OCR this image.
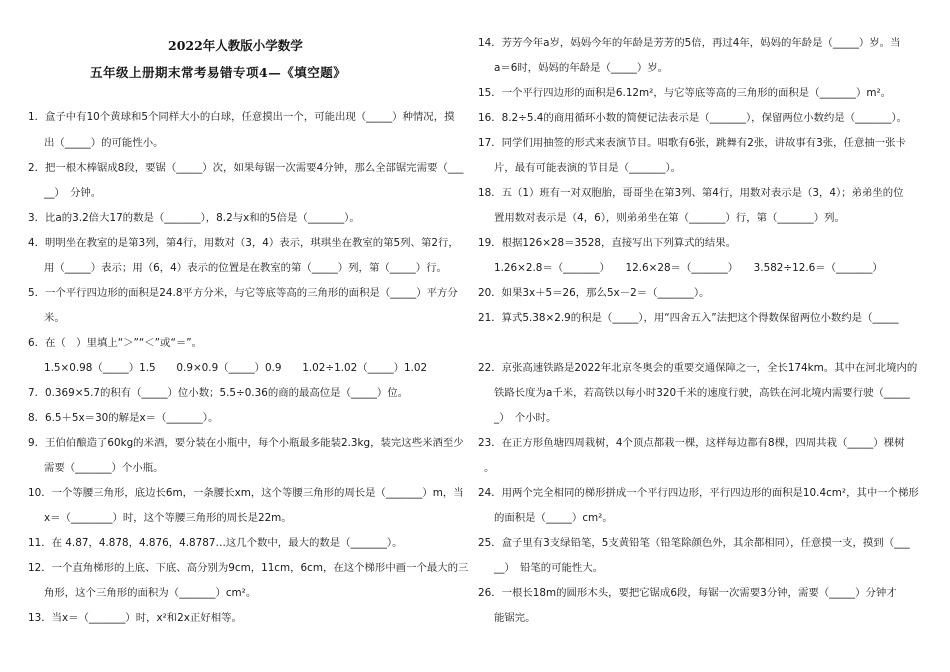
2022年人教版小学数学
五年级上册期末常考易错专项4—《填空题》
1．盒子中有10个黄球和5个同样大小的白球，任意摸出一个，可能出现（_____）种情况，摸
出（_____）的可能性小。
2．把一根木棒锯成8段，要锯（_____）次，如果每锯一次需要4分钟，那么全部锯完需要（___
__）　分钟。
3．比a的3.2倍大17的数是（_______），8.2与x和的5倍是（_______）。
4．明明坐在教室的是第3列，第4行，用数对（3，4）表示，琪琪坐在教室的第5列、第2行，
用（_____）表示；用（6，4）表示的位置是在教室的第（_____）列，第（_____）行。
5．一个平行四边形的面积是24.8平方分米，与它等底等高的三角形的面积是（_____）平方分
米。
6．在（　）里填上“＞”“＜”或“＝”。
1.5×0.98（_____）1.5　　0.9×0.9（_____）0.9　　1.02÷1.02（_____）1.02
7．0.369×5.7的积有（_____）位小数；5.5÷0.36的商的最高位是（_____）位。
8．6.5＋5x＝30的解是x＝（_______）。
9．王伯伯酿造了60kg的米酒，要分装在小瓶中，每个小瓶最多能装2.3kg，装完这些米酒至少
需要（_______）个小瓶。
10．一个等腰三角形，底边长6m，一条腰长xm，这个等腰三角形的周长是（_______）m，当
x＝（________）时，这个等腰三角形的周长是22m。
11．在 4.8̇7̇，4.8̇7̇8̇，4.876，4.8787…这几个数中，最大的数是（_______）。
12．一个直角梯形的上底、下底、高分别为9cm，11cm，6cm，在这个梯形中画一个最大的三
角形，这个三角形的面积为（_______）cm²。
13．当x＝（_______）时，x²和2x正好相等。
14．芳芳今年a岁，妈妈今年的年龄是芳芳的5倍，再过4年，妈妈的年龄是（_____）岁。当
a＝6时，妈妈的年龄是（_____）岁。
15．一个平行四边形的面积是6.12m²，与它等底等高的三角形的面积是（_______）m²。
16．8.2÷5.4的商用循环小数的简便记法表示是（_______），保留两位小数约是（_______）。
17．同学们用抽签的形式来表演节目。唱歌有6张，跳舞有2张，讲故事有3张，任意抽一张卡
片，最有可能表演的节目是（_______）。
18．五（1）班有一对双胞胎，哥哥坐在第3列、第4行，用数对表示是（3，4）；弟弟坐的位
置用数对表示是（4，6），则弟弟坐在第（_______）行，第（_______）列。
19．根据126×28＝3528，直接写出下列算式的结果。
1.26×2.8＝（_______）　　12.6×28＝（_______）　　3.582÷12.6＝（_______）
20．如果3x＋5＝26，那么5x－2＝（_______）。
21．算式5.38×2.9的积是（_____），用“四舍五入”法把这个得数保留两位小数约是（_____
22．京张高速铁路是2022年北京冬奥会的重要交通保障之一，全长174km。其中在河北境内的
铁路长度为a千米，若高铁以每小时320千米的速度行驶，高铁在河北境内需要行驶（_____
_）　个小时。
23．在正方形鱼塘四周栽树，4个顶点都栽一棵，这样每边都有8棵，四周共栽（_____）棵树
。
24．用两个完全相同的梯形拼成一个平行四边形，平行四边形的面积是10.4cm²，其中一个梯形
的面积是（_____）cm²。
25．盒子里有3支绿铅笔，5支黄铅笔（铅笔除颜色外，其余都相同），任意摸一支，摸到（___
__）　铅笔的可能性大。
26．一根长18m的圆形木头，要把它锯成6段，每锯一次需要3分钟，需要（_____）分钟才
能锯完。
